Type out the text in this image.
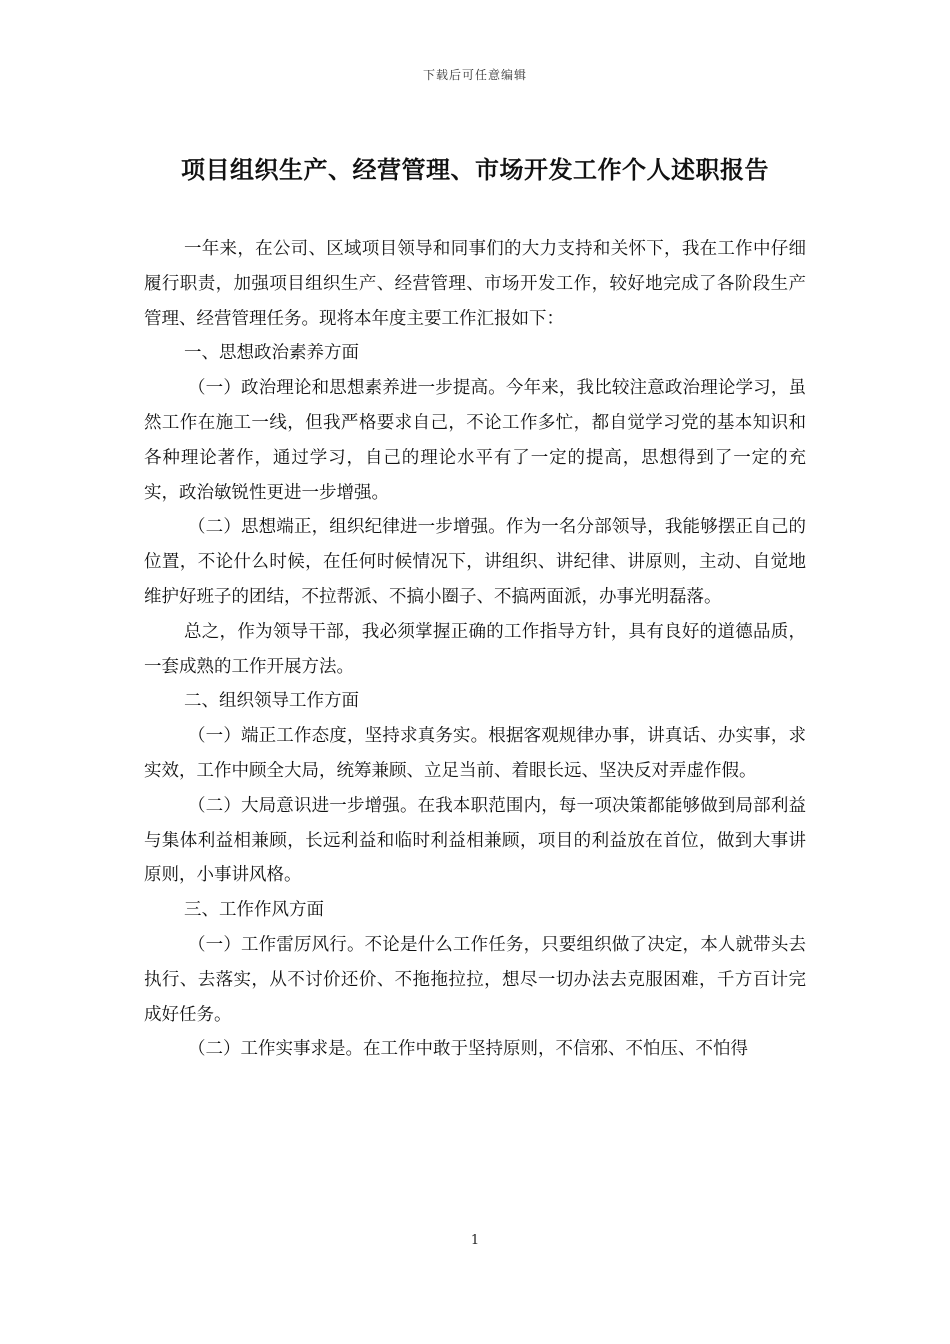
下载后可任意编辑
项目组织生产、经营管理、市场开发工作个人述职报告

一年来，在公司、区域项目领导和同事们的大力支持和关怀下，我在工作中仔细履行职责，加强项目组织生产、经营管理、市场开发工作，较好地完成了各阶段生产管理、经营管理任务。现将本年度主要工作汇报如下：

一、思想政治素养方面

（一）政治理论和思想素养进一步提高。今年来，我比较注意政治理论学习，虽然工作在施工一线，但我严格要求自己，不论工作多忙，都自觉学习党的基本知识和各种理论著作，通过学习，自己的理论水平有了一定的提高，思想得到了一定的充实，政治敏锐性更进一步增强。

（二）思想端正，组织纪律进一步增强。作为一名分部领导，我能够摆正自己的位置，不论什么时候，在任何时候情况下，讲组织、讲纪律、讲原则，主动、自觉地维护好班子的团结，不拉帮派、不搞小圈子、不搞两面派，办事光明磊落。

总之，作为领导干部，我必须掌握正确的工作指导方针，具有良好的道德品质，一套成熟的工作开展方法。

二、组织领导工作方面

（一）端正工作态度，坚持求真务实。根据客观规律办事，讲真话、办实事，求实效，工作中顾全大局，统筹兼顾、立足当前、着眼长远、坚决反对弄虚作假。

（二）大局意识进一步增强。在我本职范围内，每一项决策都能够做到局部利益与集体利益相兼顾，长远利益和临时利益相兼顾，项目的利益放在首位，做到大事讲原则，小事讲风格。

三、工作作风方面

（一）工作雷厉风行。不论是什么工作任务，只要组织做了决定，本人就带头去执行、去落实，从不讨价还价、不拖拖拉拉，想尽一切办法去克服困难，千方百计完成好任务。

（二）工作实事求是。在工作中敢于坚持原则，不信邪、不怕压、不怕得

1
